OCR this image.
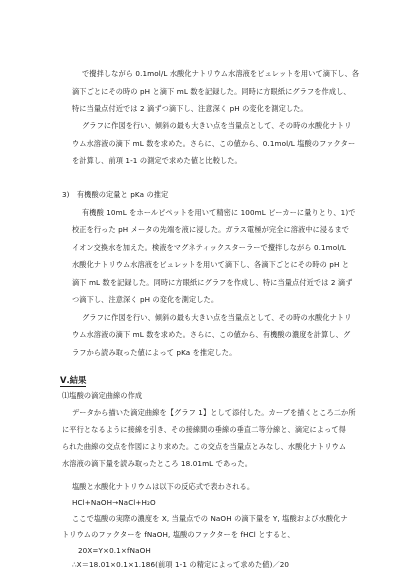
で攪拌しながら 0.1mol/L 水酸化ナトリウム水溶液をビュレットを用いて滴下し、各
滴下ごとにその時の pH と滴下 mL 数を記録した。同時に方眼紙にグラフを作成し、
特に当量点付近では 2 滴ずつ滴下し、注意深く pH の変化を測定した。
グラフに作図を行い、傾斜の最も大きい点を当量点として、その時の水酸化ナトリ
ウム水溶液の滴下 mL 数を求めた。さらに、この値から、0.1mol/L 塩酸のファクター
を計算し、前項 1-1 の測定で求めた値と比較した。
3)　有機酸の定量と pKa の推定
有機酸 10mL をホールピペットを用いて精密に 100mL ビーカーに量りとり、1)で
校正を行った pH メータの先端を液に浸した。ガラス電極が完全に溶液中に浸るまで
イオン交換水を加えた。検液をマグネティックスターラーで攪拌しながら 0.1mol/L
水酸化ナトリウム水溶液をビュレットを用いて滴下し、各滴下ごとにその時の pH と
滴下 mL 数を記録した。同時に方眼紙にグラフを作成し、特に当量点付近では 2 滴ず
つ滴下し、注意深く pH の変化を測定した。
グラフに作図を行い、傾斜の最も大きい点を当量点として、その時の水酸化ナトリ
ウム水溶液の滴下 mL 数を求めた。さらに、この値から、有機酸の濃度を計算し、グ
ラフから読み取った値によって pKa を推定した。
Ⅴ.結果
⑴塩酸の滴定曲線の作成
データから描いた滴定曲線を【グラフ 1】として添付した。カーブを描くところ二か所
に平行となるように接線を引き、その接線間の垂線の垂直二等分線と、滴定によって得
られた曲線の交点を作図により求めた。この交点を当量点とみなし、水酸化ナトリウム
水溶液の滴下量を読み取ったところ 18.01mL であった。
塩酸と水酸化ナトリウムは以下の反応式で表わされる。
HCl+NaOH→NaCl+H₂O
ここで塩酸の実際の濃度を X, 当量点での NaOH の滴下量を Y, 塩酸および水酸化ナ
トリウムのファクターを fNaOH, 塩酸のファクターを fHCl とすると、
20X=Y×0.1×fNaOH
∴X＝18.01×0.1×1.186(前項 1-1 の精定によって求めた値)／20
